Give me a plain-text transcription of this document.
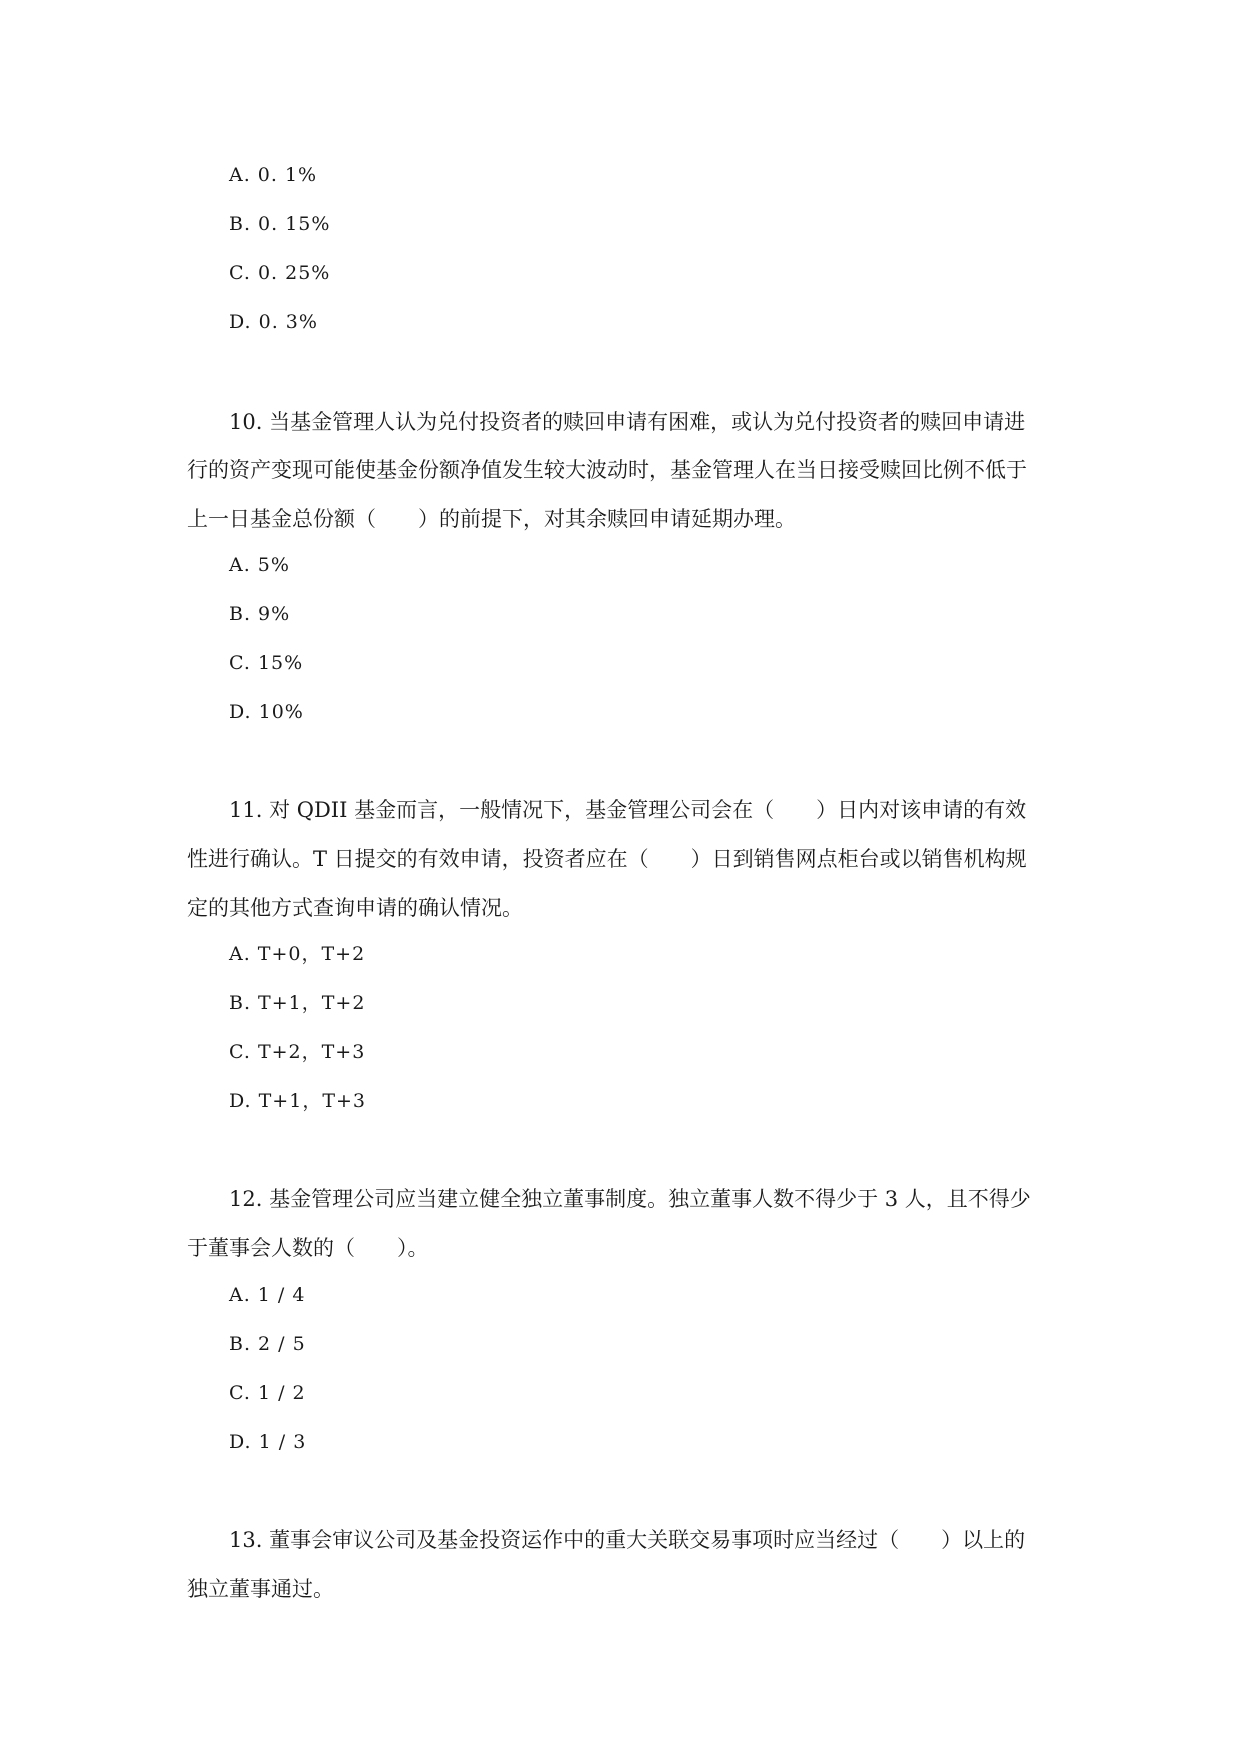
A. 0. 1%
B. 0. 15%
C. 0. 25%
D. 0. 3%
10. 当基金管理人认为兑付投资者的赎回申请有困难，或认为兑付投资者的赎回申请进
行的资产变现可能使基金份额净值发生较大波动时，基金管理人在当日接受赎回比例不低于
上一日基金总份额（　　）的前提下，对其余赎回申请延期办理。
A. 5%
B. 9%
C. 15%
D. 10%
11. 对 QDII 基金而言，一般情况下，基金管理公司会在（　　）日内对该申请的有效
性进行确认。T 日提交的有效申请，投资者应在（　　）日到销售网点柜台或以销售机构规
定的其他方式查询申请的确认情况。
A. T+0，T+2
B. T+1，T+2
C. T+2，T+3
D. T+1，T+3
12. 基金管理公司应当建立健全独立董事制度。独立董事人数不得少于 3 人，且不得少
于董事会人数的（　　）。
A. 1 / 4
B. 2 / 5
C. 1 / 2
D. 1 / 3
13. 董事会审议公司及基金投资运作中的重大关联交易事项时应当经过（　　）以上的
独立董事通过。
